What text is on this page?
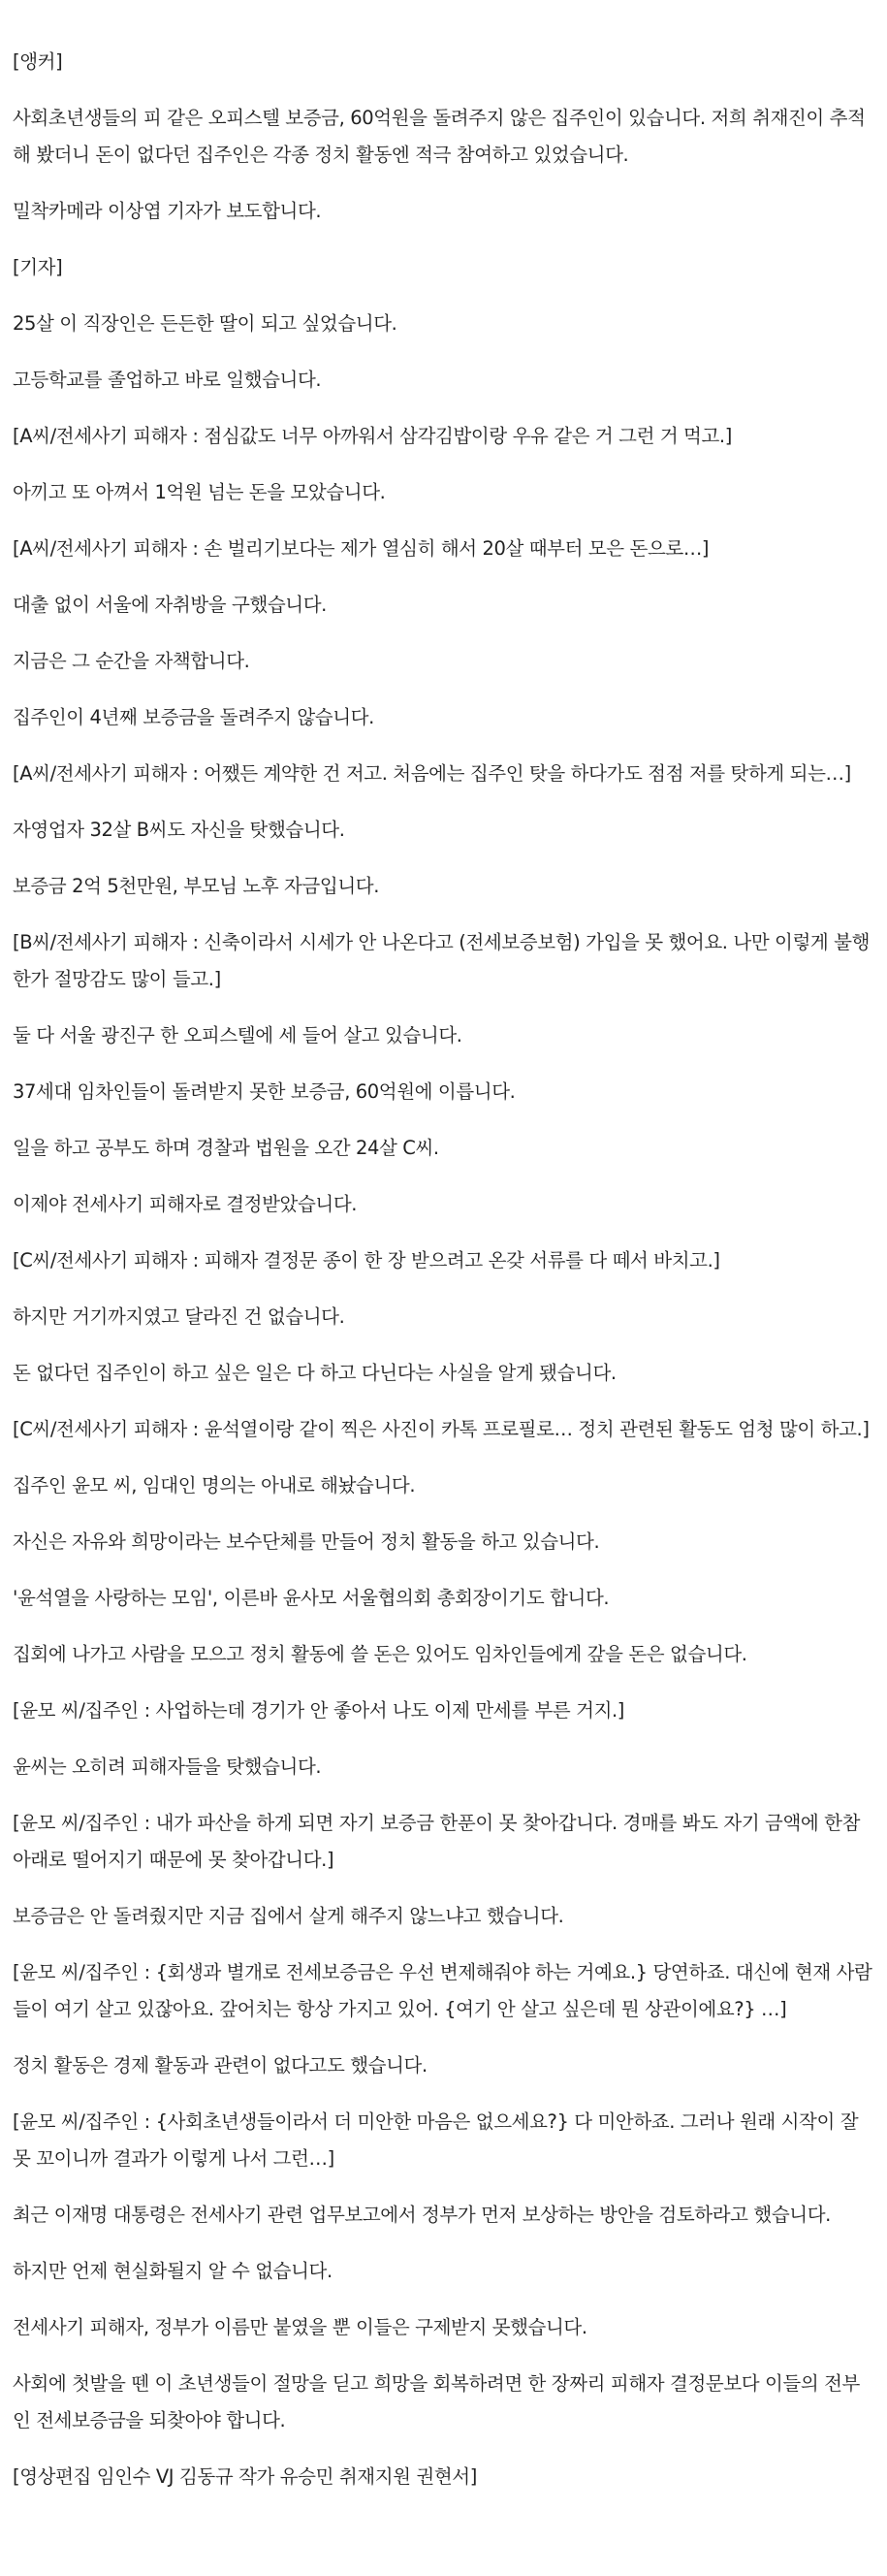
[앵커]

사회초년생들의 피 같은 오피스텔 보증금, 60억원을 돌려주지 않은 집주인이 있습니다. 저희 취재진이 추적해 봤더니 돈이 없다던 집주인은 각종 정치 활동엔 적극 참여하고 있었습니다.

밀착카메라 이상엽 기자가 보도합니다.

[기자]

25살 이 직장인은 든든한 딸이 되고 싶었습니다.

고등학교를 졸업하고 바로 일했습니다.

[A씨/전세사기 피해자 : 점심값도 너무 아까워서 삼각김밥이랑 우유 같은 거 그런 거 먹고.]

아끼고 또 아껴서 1억원 넘는 돈을 모았습니다.

[A씨/전세사기 피해자 : 손 벌리기보다는 제가 열심히 해서 20살 때부터 모은 돈으로…]

대출 없이 서울에 자취방을 구했습니다.

지금은 그 순간을 자책합니다.

집주인이 4년째 보증금을 돌려주지 않습니다.

[A씨/전세사기 피해자 : 어쨌든 계약한 건 저고. 처음에는 집주인 탓을 하다가도 점점 저를 탓하게 되는…]

자영업자 32살 B씨도 자신을 탓했습니다.

보증금 2억 5천만원, 부모님 노후 자금입니다.

[B씨/전세사기 피해자 : 신축이라서 시세가 안 나온다고 (전세보증보험) 가입을 못 했어요. 나만 이렇게 불행한가 절망감도 많이 들고.]

둘 다 서울 광진구 한 오피스텔에 세 들어 살고 있습니다.

37세대 임차인들이 돌려받지 못한 보증금, 60억원에 이릅니다.

일을 하고 공부도 하며 경찰과 법원을 오간 24살 C씨.

이제야 전세사기 피해자로 결정받았습니다.

[C씨/전세사기 피해자 : 피해자 결정문 종이 한 장 받으려고 온갖 서류를 다 떼서 바치고.]

하지만 거기까지였고 달라진 건 없습니다.

돈 없다던 집주인이 하고 싶은 일은 다 하고 다닌다는 사실을 알게 됐습니다.

[C씨/전세사기 피해자 : 윤석열이랑 같이 찍은 사진이 카톡 프로필로… 정치 관련된 활동도 엄청 많이 하고.]

집주인 윤모 씨, 임대인 명의는 아내로 해놨습니다.

자신은 자유와 희망이라는 보수단체를 만들어 정치 활동을 하고 있습니다.

'윤석열을 사랑하는 모임', 이른바 윤사모 서울협의회 총회장이기도 합니다.

집회에 나가고 사람을 모으고 정치 활동에 쓸 돈은 있어도 임차인들에게 갚을 돈은 없습니다.

[윤모 씨/집주인 : 사업하는데 경기가 안 좋아서 나도 이제 만세를 부른 거지.]

윤씨는 오히려 피해자들을 탓했습니다.

[윤모 씨/집주인 : 내가 파산을 하게 되면 자기 보증금 한푼이 못 찾아갑니다. 경매를 봐도 자기 금액에 한참 아래로 떨어지기 때문에 못 찾아갑니다.]

보증금은 안 돌려줬지만 지금 집에서 살게 해주지 않느냐고 했습니다.

[윤모 씨/집주인 : {회생과 별개로 전세보증금은 우선 변제해줘야 하는 거예요.} 당연하죠. 대신에 현재 사람들이 여기 살고 있잖아요. 갚어치는 항상 가지고 있어. {여기 안 살고 싶은데 뭔 상관이에요?} …]

정치 활동은 경제 활동과 관련이 없다고도 했습니다.

[윤모 씨/집주인 : {사회초년생들이라서 더 미안한 마음은 없으세요?} 다 미안하죠. 그러나 원래 시작이 잘못 꼬이니까 결과가 이렇게 나서 그런…]

최근 이재명 대통령은 전세사기 관련 업무보고에서 정부가 먼저 보상하는 방안을 검토하라고 했습니다.

하지만 언제 현실화될지 알 수 없습니다.

전세사기 피해자, 정부가 이름만 붙였을 뿐 이들은 구제받지 못했습니다.

사회에 첫발을 뗀 이 초년생들이 절망을 딛고 희망을 회복하려면 한 장짜리 피해자 결정문보다 이들의 전부인 전세보증금을 되찾아야 합니다.

[영상편집 임인수 VJ 김동규 작가 유승민 취재지원 권현서]
